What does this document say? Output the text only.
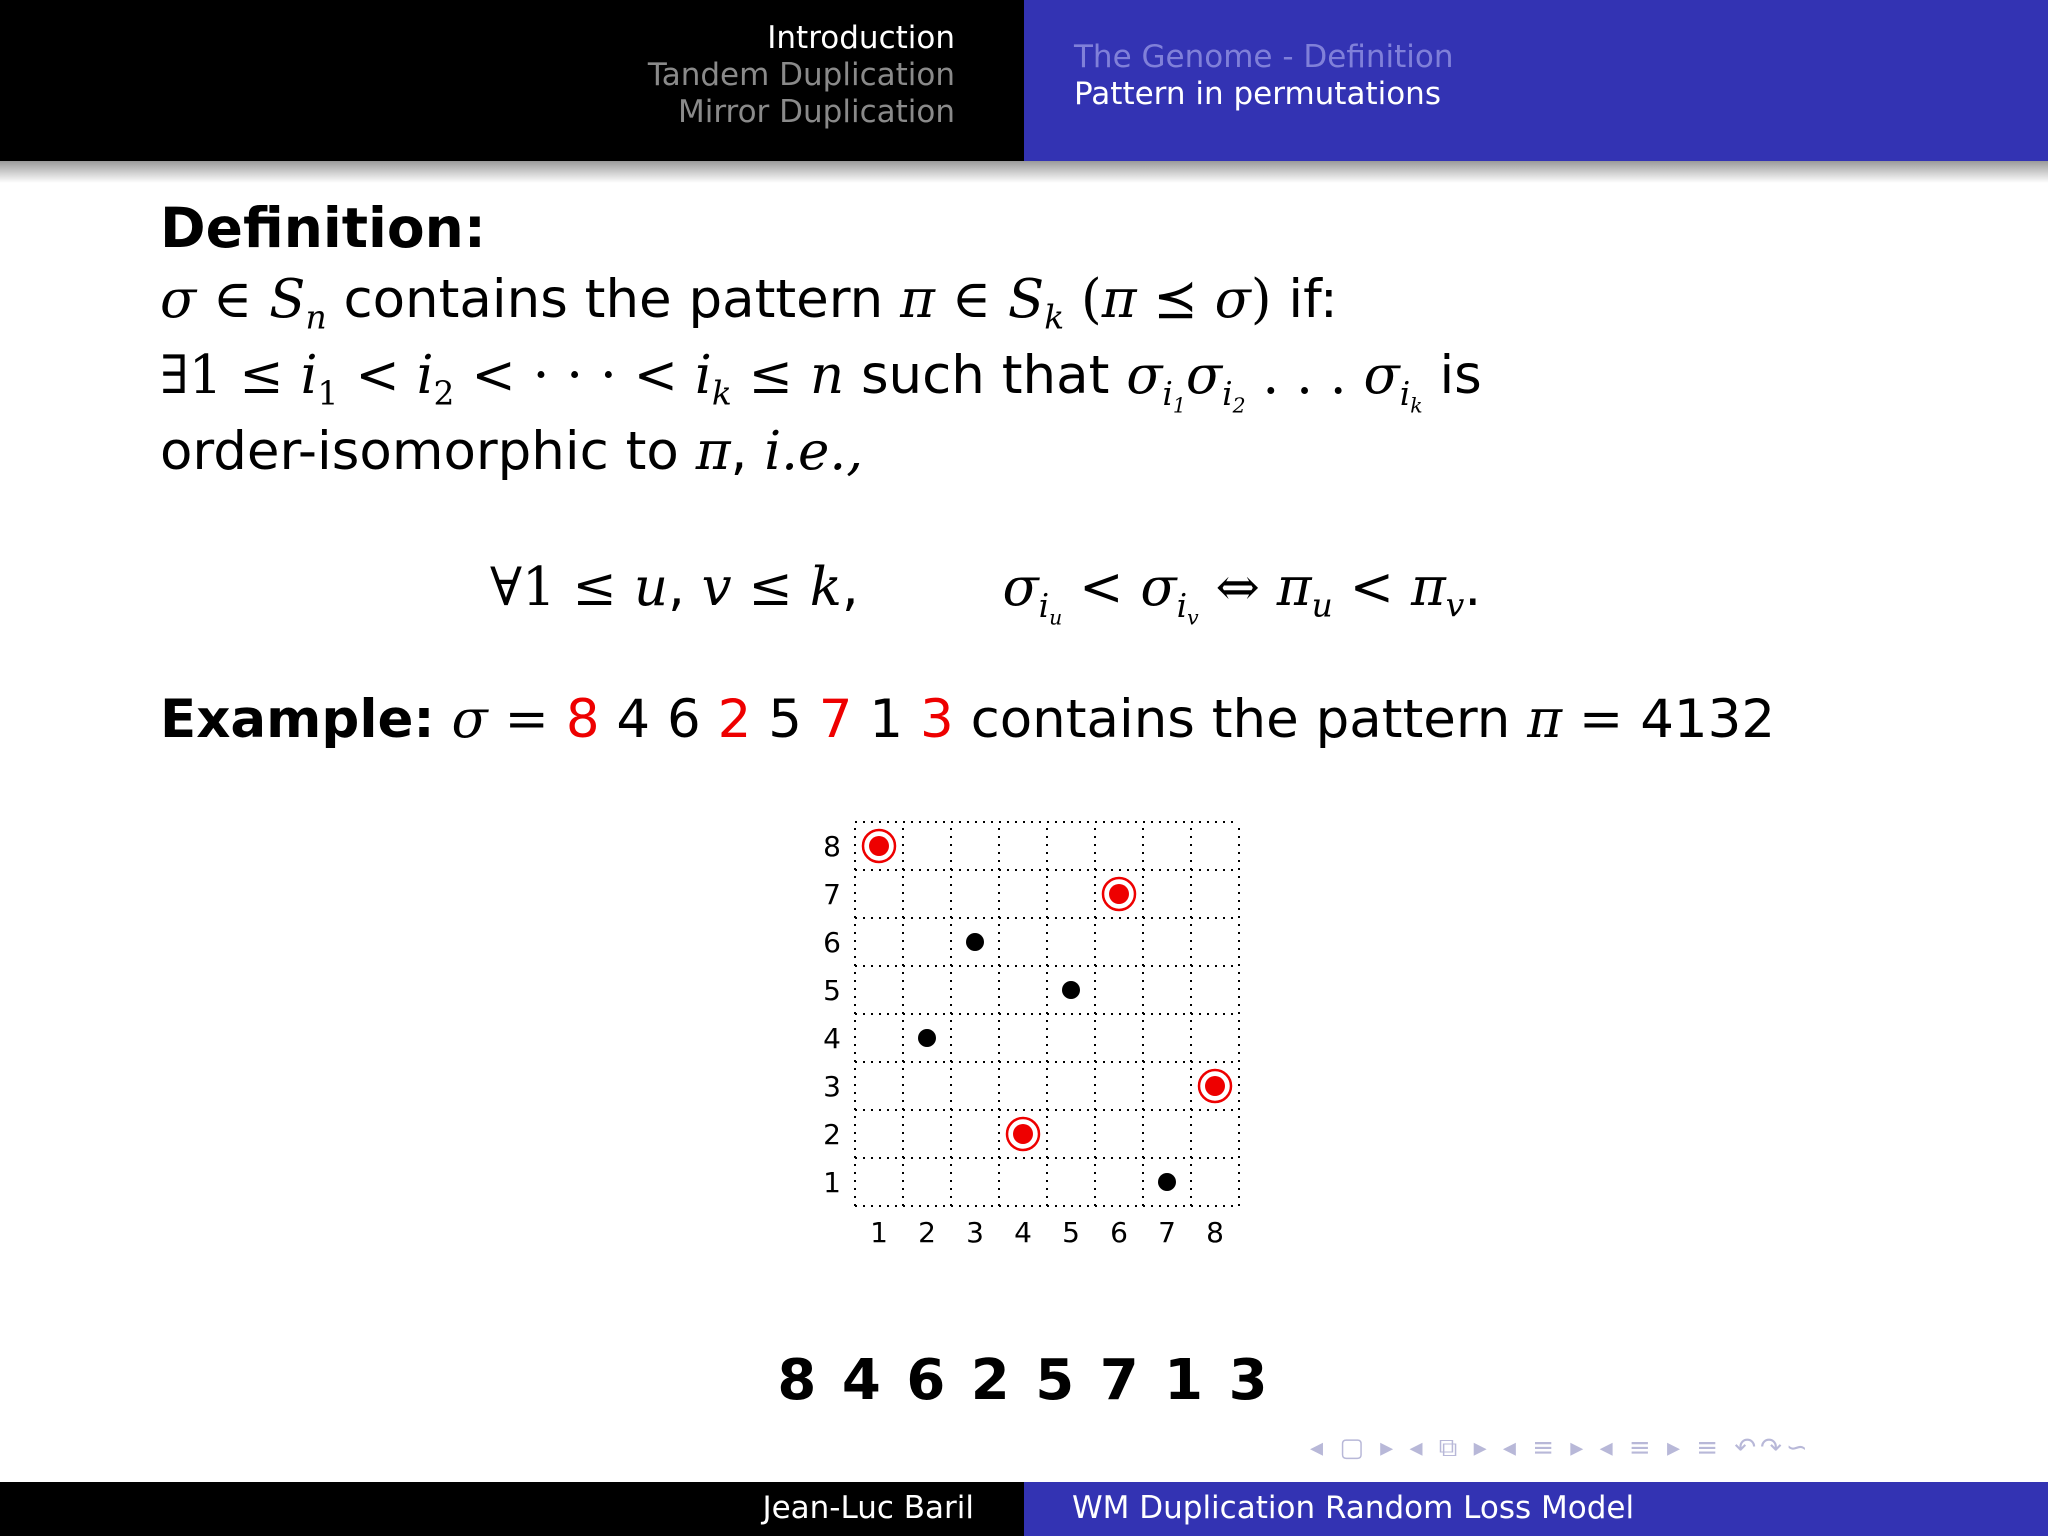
Introduction
Tandem Duplication
Mirror Duplication
The Genome - Definition
Pattern in permutations
Definition:
σ ∈ $S_n$ contains the pattern π ∈ $S_k$ (π ⪯ σ) if:
∃1 ≤ $i_1 < i_2$ < · · · < $i_k \le n$ such that $\sigma_{i_1}\sigma_{i_2}$ . . . $\sigma_{i_k}$ is
order-isomorphic to π, i.e.,
∀1 ≤ u, v ≤ k,  $\sigma_{i_u} < \sigma_{i_v}$ ⇔ $\pi_u < \pi_v$.
Example: σ = 8 4 6 2 5 7 1 3 contains the pattern π = 4132
1
2
3
4
5
6
7
8
1 2 3 4 5 6 7 8
8 4 6 2 5 7 1 3
◂ ▢ ▸ ◂ ⧉ ▸ ◂ ≡ ▸ ◂ ≡ ▸ ≡ ↶↷∽
Jean-Luc Baril	WM Duplication Random Loss Model
